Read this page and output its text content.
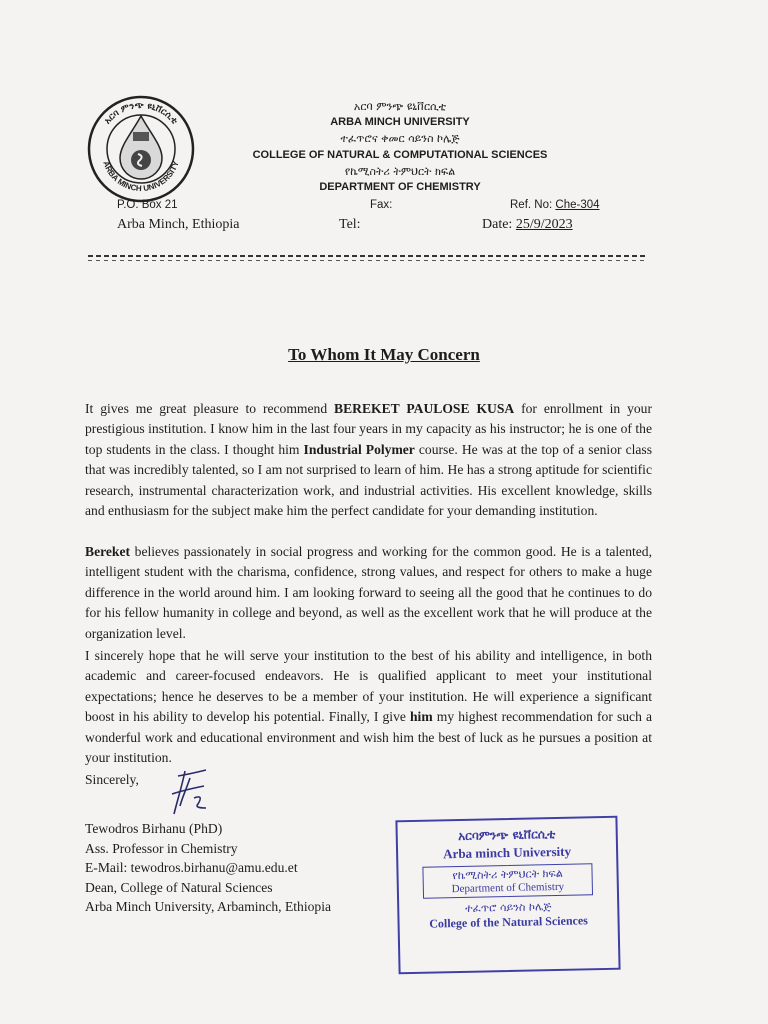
አርባ ምንጭ ዩኒቨርሲቲ
ARBA MINCH UNIVERSITY
አርባ ምንጭ ዩኒቨርሲቲ
ARBA MINCH UNIVERSITY
ተፈጥሮና ቀመር ሳይንስ ኮሌጅ
COLLEGE OF NATURAL & COMPUTATIONAL SCIENCES
የኬሚስትሪ ትምህርት ክፍል
DEPARTMENT OF CHEMISTRY
P.O. Box 21
Arba Minch, Ethiopia
Fax:
Tel:
Ref. No: Che-304
Date: 25/9/2023
To Whom It May Concern
It gives me great pleasure to recommend BEREKET PAULOSE KUSA for enrollment in your prestigious institution. I know him in the last four years in my capacity as his instructor; he is one of the top students in the class. I thought him Industrial Polymer course. He was at the top of a senior class that was incredibly talented, so I am not surprised to learn of him. He has a strong aptitude for scientific research, instrumental characterization work, and industrial activities. His excellent knowledge, skills and enthusiasm for the subject make him the perfect candidate for your demanding institution.
Bereket believes passionately in social progress and working for the common good. He is a talented, intelligent student with the charisma, confidence, strong values, and respect for others to make a huge difference in the world around him. I am looking forward to seeing all the good that he continues to do for his fellow humanity in college and beyond, as well as the excellent work that he will produce at the organization level.
I sincerely hope that he will serve your institution to the best of his ability and intelligence, in both academic and career-focused endeavors. He is qualified applicant to meet your institutional expectations; hence he deserves to be a member of your institution. He will experience a significant boost in his ability to develop his potential. Finally, I give him my highest recommendation for such a wonderful work and educational environment and wish him the best of luck as he pursues a position at your institution.
Sincerely,
Tewodros Birhanu (PhD)
Ass. Professor in Chemistry
E-Mail: tewodros.birhanu@amu.edu.et
Dean, College of Natural Sciences
Arba Minch University, Arbaminch, Ethiopia
አርባምንጭ ዩኒቨርሲቲ
Arba minch University
የኬሚስትሪ ትምህርት ክፍል
Department of Chemistry
ተፈጥሮ ሳይንስ ኮሌጅ
College of the Natural Sciences
